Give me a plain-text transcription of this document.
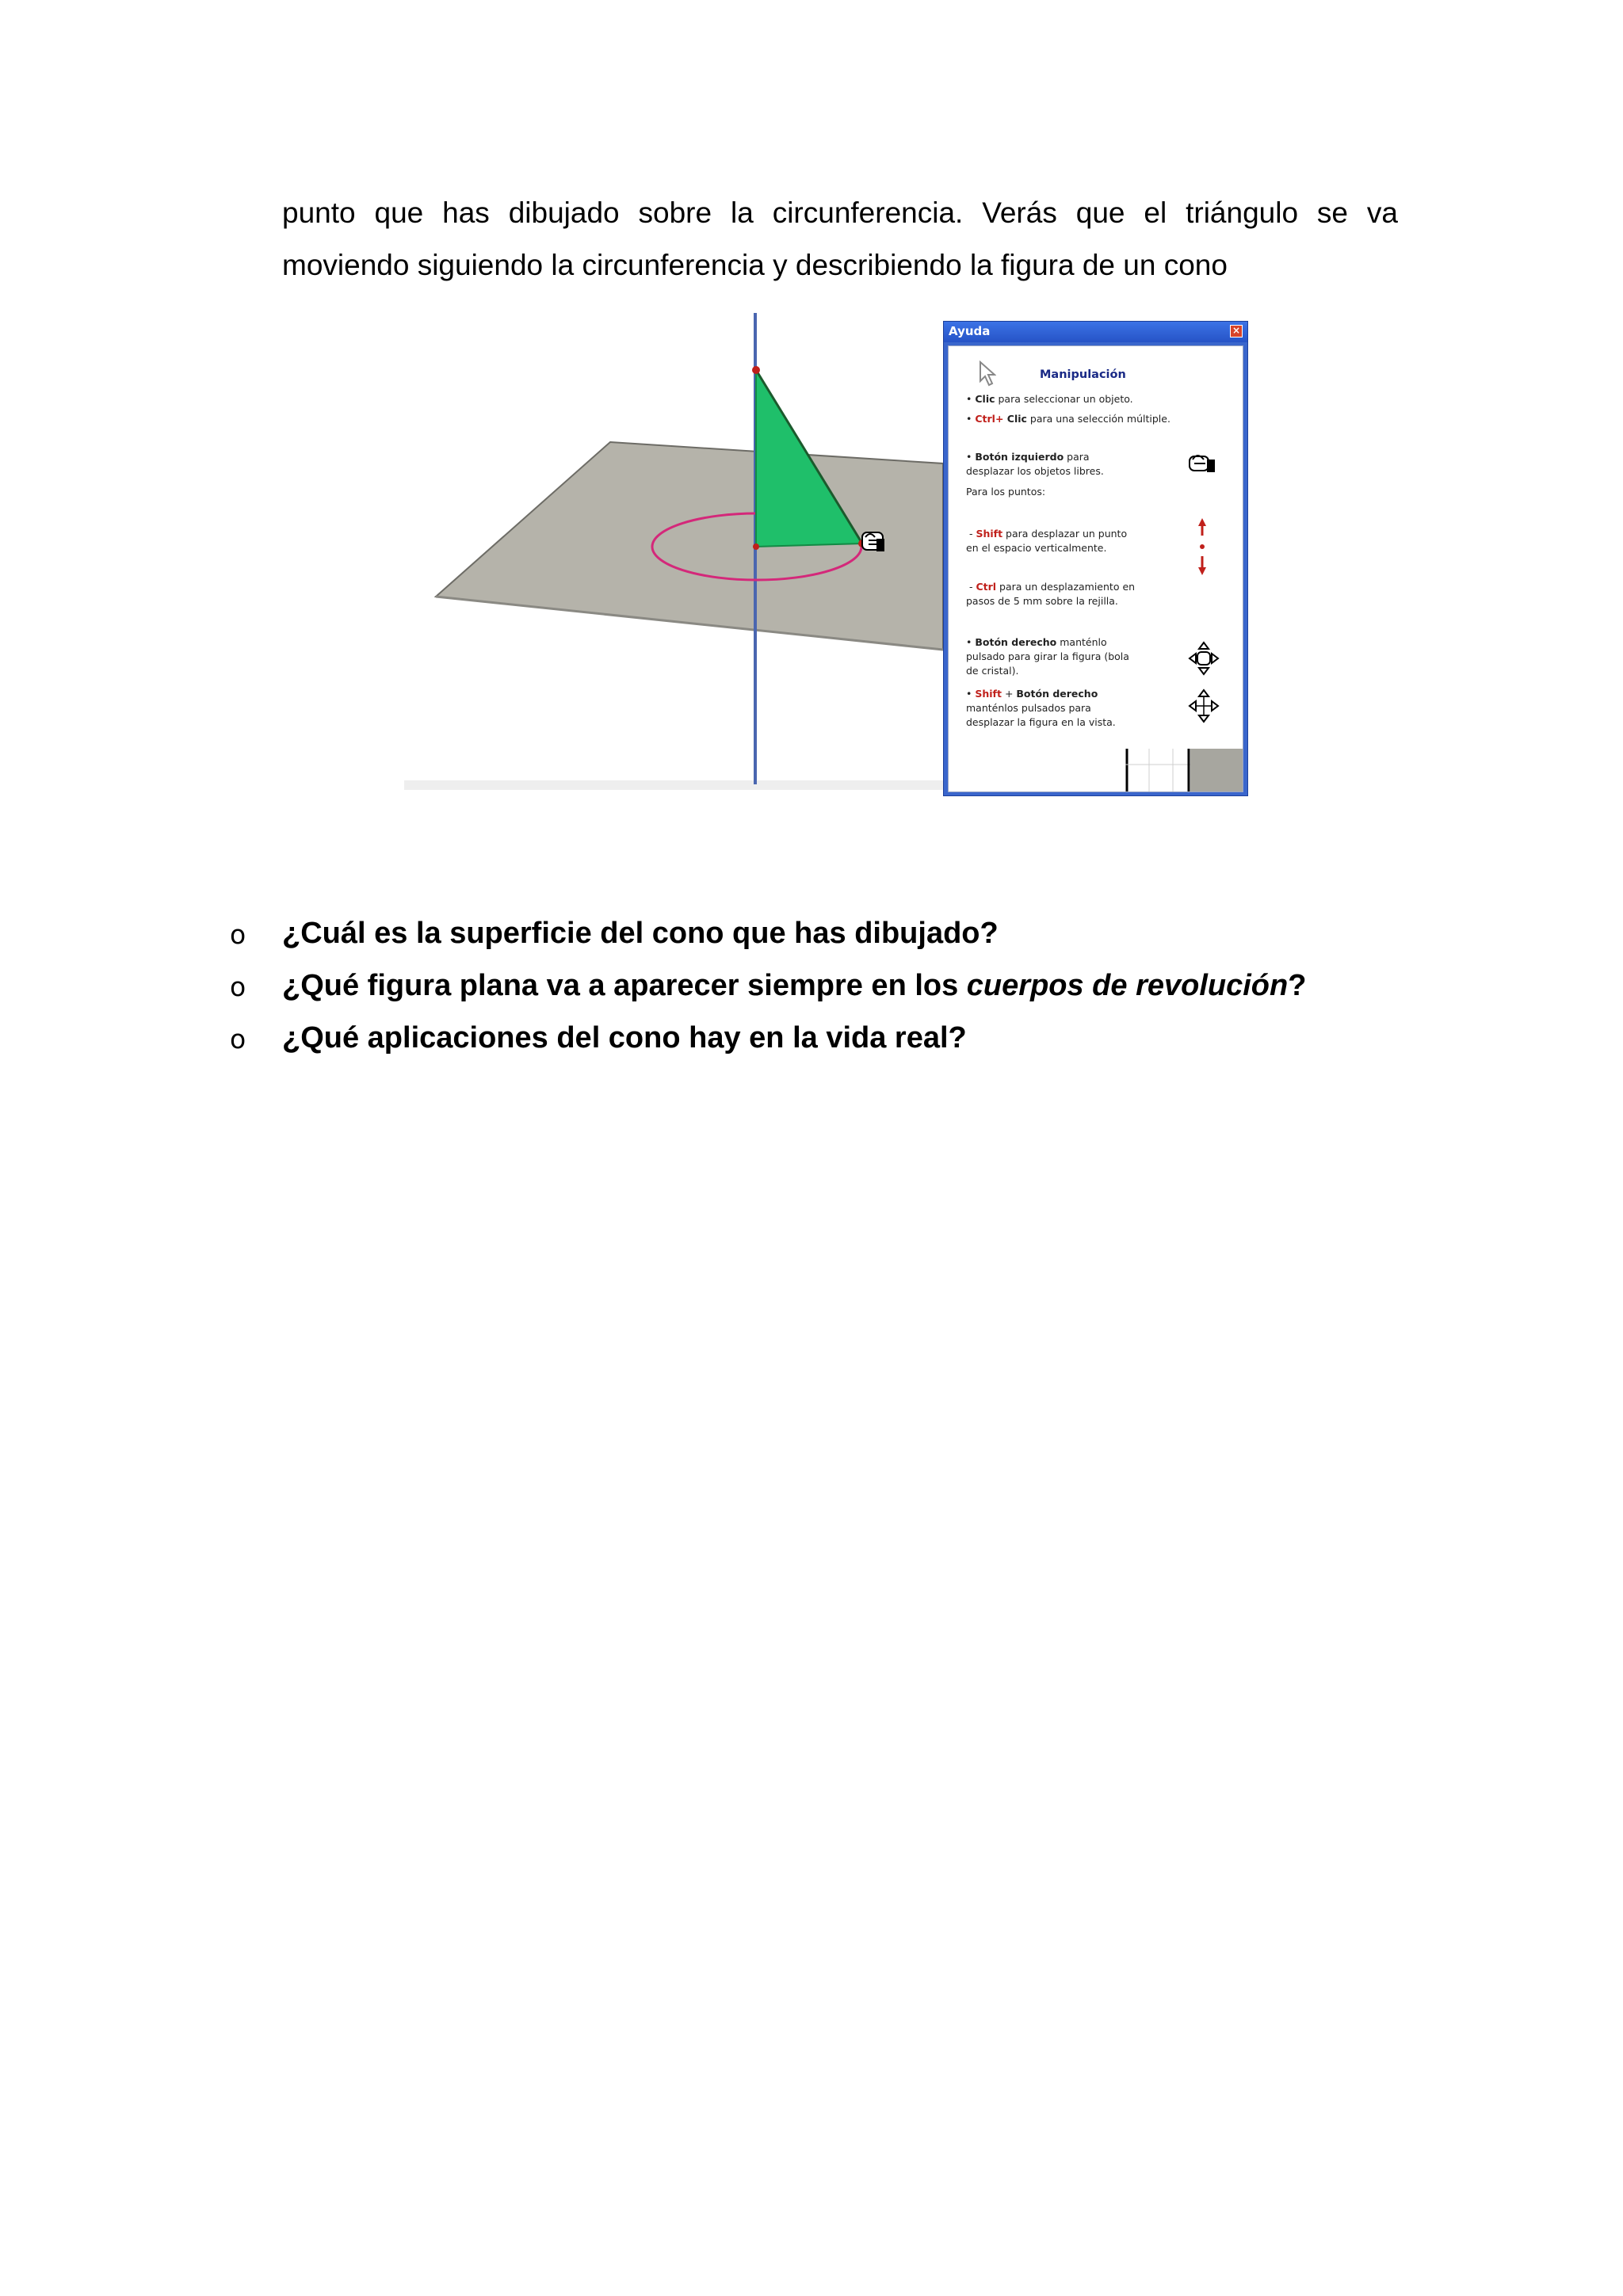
punto que has dibujado sobre la circunferencia. Verás que el triángulo se va
moviendo siguiendo la circunferencia y describiendo la figura de un cono
Ayuda	×
Manipulación
• Clic para seleccionar un objeto.
• Ctrl+ Clic para una selección múltiple.
• Botón izquierdo para
desplazar los objetos libres.
Para los puntos:
- Shift para desplazar un punto
en el espacio verticalmente.
- Ctrl para un desplazamiento en
pasos de 5 mm sobre la rejilla.
• Botón derecho manténlo
pulsado para girar la figura (bola
de cristal).
• Shift + Botón derecho
manténlos pulsados para
desplazar la figura en la vista.
o ¿Cuál es la superficie del cono que has dibujado?
o ¿Qué figura plana va a aparecer siempre en los cuerpos de revolución?
o ¿Qué aplicaciones del cono hay en la vida real?
